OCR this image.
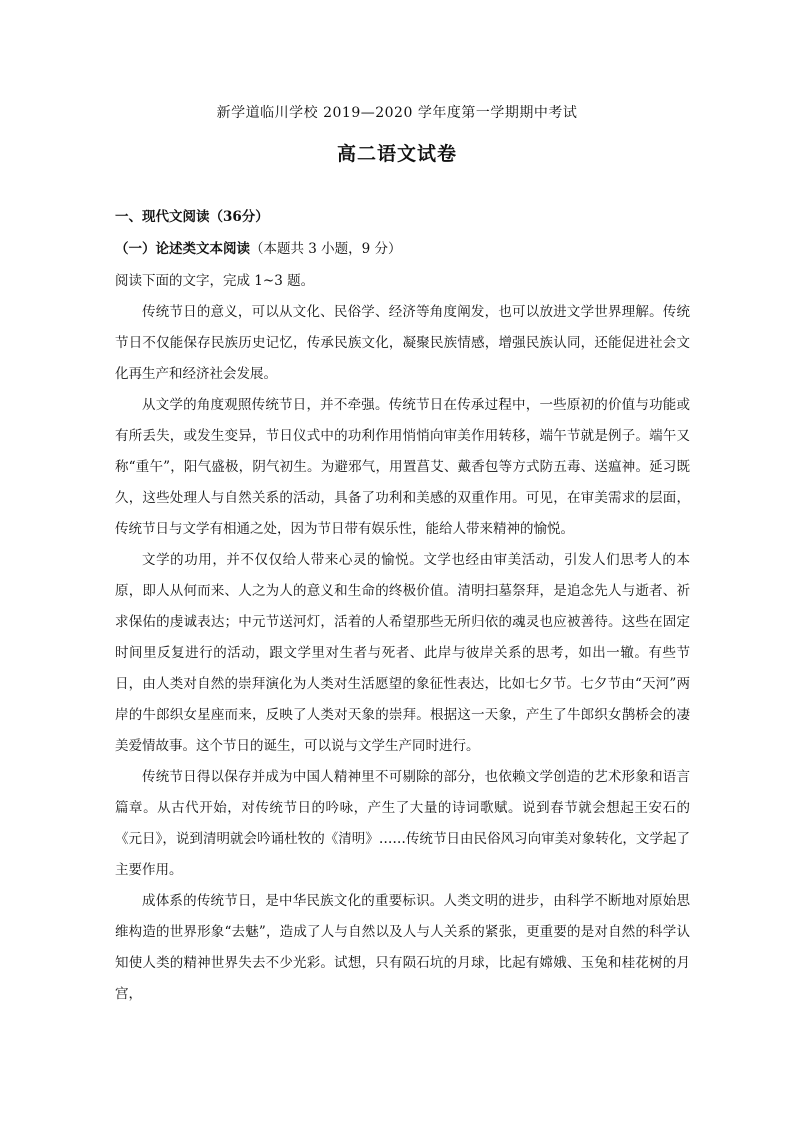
新学道临川学校 2019—2020 学年度第一学期期中考试
高二语文试卷
一、现代文阅读（36分）
（一）论述类文本阅读（本题共 3 小题，9 分）
阅读下面的文字，完成 1~3 题。

传统节日的意义，可以从文化、民俗学、经济等角度阐发，也可以放进文学世界理解。传统节日不仅能保存民族历史记忆，传承民族文化，凝聚民族情感，增强民族认同，还能促进社会文化再生产和经济社会发展。

从文学的角度观照传统节日，并不牵强。传统节日在传承过程中，一些原初的价值与功能或有所丢失，或发生变异，节日仪式中的功利作用悄悄向审美作用转移，端午节就是例子。端午又称“重午”，阳气盛极，阴气初生。为避邪气，用置菖艾、戴香包等方式防五毒、送瘟神。延习既久，这些处理人与自然关系的活动，具备了功利和美感的双重作用。可见，在审美需求的层面，传统节日与文学有相通之处，因为节日带有娱乐性，能给人带来精神的愉悦。

文学的功用，并不仅仅给人带来心灵的愉悦。文学也经由审美活动，引发人们思考人的本原，即人从何而来、人之为人的意义和生命的终极价值。清明扫墓祭拜，是追念先人与逝者、祈求保佑的虔诚表达；中元节送河灯，活着的人希望那些无所归依的魂灵也应被善待。这些在固定时间里反复进行的活动，跟文学里对生者与死者、此岸与彼岸关系的思考，如出一辙。有些节日，由人类对自然的崇拜演化为人类对生活愿望的象征性表达，比如七夕节。七夕节由“天河”两岸的牛郎织女星座而来，反映了人类对天象的崇拜。根据这一天象，产生了牛郎织女鹊桥会的凄美爱情故事。这个节日的诞生，可以说与文学生产同时进行。

传统节日得以保存并成为中国人精神里不可剔除的部分，也依赖文学创造的艺术形象和语言篇章。从古代开始，对传统节日的吟咏，产生了大量的诗词歌赋。说到春节就会想起王安石的《元日》，说到清明就会吟诵杜牧的《清明》……传统节日由民俗风习向审美对象转化，文学起了主要作用。

成体系的传统节日，是中华民族文化的重要标识。人类文明的进步，由科学不断地对原始思维构造的世界形象“去魅”，造成了人与自然以及人与人关系的紧张，更重要的是对自然的科学认知使人类的精神世界失去不少光彩。试想，只有陨石坑的月球，比起有嫦娥、玉兔和桂花树的月宫，
